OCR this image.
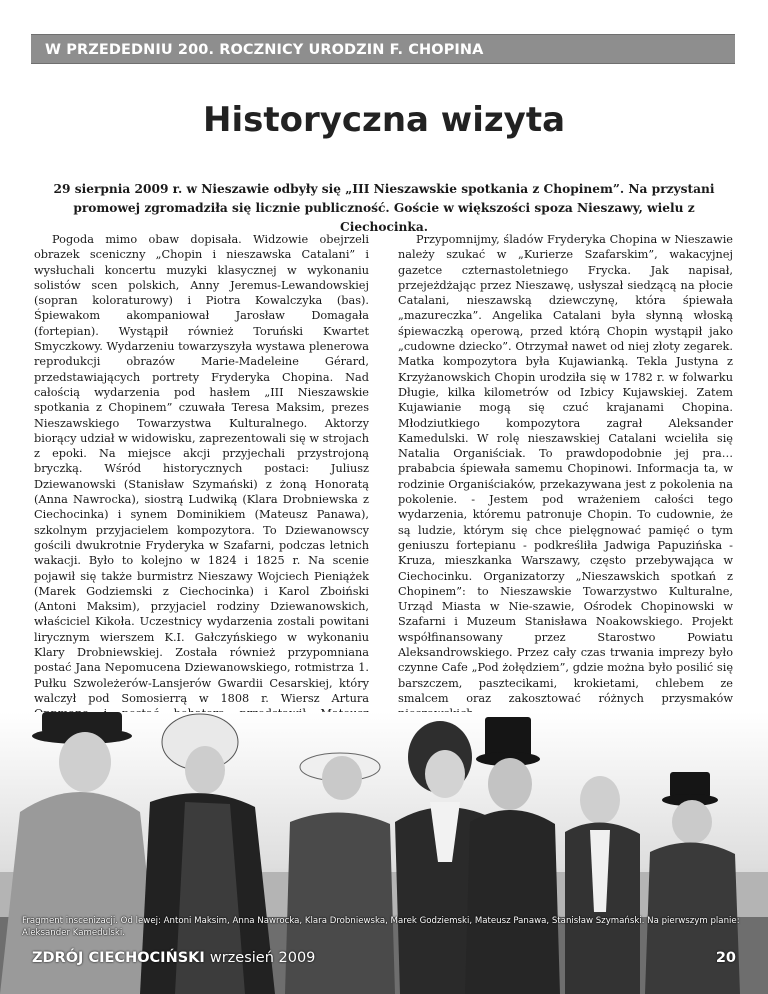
W PRZEDEDNIU 200. ROCZNICY URODZIN F. CHOPINA
Historyczna wizyta
29 sierpnia 2009 r. w Nieszawie odbyły się „III Nieszawskie spotkania z Chopinem”. Na przystani promowej zgromadziła się licznie publiczność. Goście w większości spoza Nieszawy, wielu z Ciechocinka.

Pogoda mimo obaw dopisała. Widzowie obejrzeli obrazek sceniczny „Chopin i nieszawska Catalani” i wysłuchali koncertu muzyki klasycznej w wykonaniu solistów scen polskich, Anny Jeremus-Lewandowskiej (sopran koloraturowy) i Piotra Kowalczyka (bas). Śpiewakom akompaniował Jarosław Domagała (fortepian). Wystąpił również Toruński Kwartet Smyczkowy. Wydarzeniu towarzyszyła wystawa plenerowa reprodukcji obrazów Marie-Madeleine Gérard, przedstawiających portrety Fryderyka Chopina. Nad całością wydarzenia pod hasłem „III Nieszawskie spotkania z Chopinem” czuwała Teresa Maksim, prezes Nieszawskiego Towarzystwa Kulturalnego. Aktorzy biorący udział w widowisku, zaprezentowali się w strojach z epoki. Na miejsce akcji przyjechali przystrojoną bryczką. Wśród historycznych postaci: Juliusz Dziewanowski (Stanisław Szymański) z żoną Honoratą (Anna Nawrocka), siostrą Ludwiką (Klara Drobniewska z Ciechocinka) i synem Dominikiem (Mateusz Panawa), szkolnym przyjacielem kompozytora. To Dziewanowscy gościli dwukrotnie Fryderyka w Szafarni, podczas letnich wakacji. Było to kolejno w 1824 i 1825 r. Na scenie pojawił się także burmistrz Nieszawy Wojciech Pieniążek (Marek Godziemski z Ciechocinka) i Karol Zboiński (Antoni Maksim), przyjaciel rodziny Dziewanowskich, właściciel Kikoła. Uczestnicy wydarzenia zostali powitani lirycznym wierszem K.I. Gałczyńskiego w wykonaniu Klary Drobniewskiej. Została również przypomniana postać Jana Nepomucena Dziewanowskiego, rotmistrza 1. Pułku Szwoleżerów-Lansjerów Gwardii Cesarskiej, który walczył pod Somosierrą w 1808 r. Wiersz Artura

Przypomnijmy, śladów Fryderyka Chopina w Nieszawie należy szukać w „Kurierze Szafarskim”, wakacyjnej gazetce czternastoletniego Frycka. Jak napisał, przejeżdżając przez Nieszawę, usłyszał siedzącą na płocie Catalani, nieszawską dziewczynę, która śpiewała „mazureczka”. Angelika Catalani była słynną włoską śpiewaczką operową, przed którą Chopin wystąpił jako „cudowne dziecko”. Otrzymał nawet od niej złoty zegarek. Matka kompozytora była Kujawianką. Tekla Justyna z Krzyżanowskich Chopin urodziła się w 1782 r. w folwarku Długie, kilka kilometrów od Izbicy Kujawskiej. Zatem Kujawianie mogą się czuć krajanami Chopina. Młodziutkiego kompozytora zagrał Aleksander Kamedulski. W rolę nieszawskiej Catalani wcieliła się Natalia Organiściak. To prawdopodobnie jej pra…prababcia śpiewała samemu Chopinowi. Informacja ta, w rodzinie Organiściaków, przekazywana jest z pokolenia na pokolenie. - Jestem pod wrażeniem całości tego wydarzenia, któremu patronuje Chopin. To cudownie, że są ludzie, którym się chce pielęgnować pamięć o tym geniuszu fortepianu - podkreśliła Jadwiga Papuzińska - Kruza, mieszkanka Warszawy, często przebywająca w Ciechocinku. Organizatorzy „Nieszawskich spotkań z Chopinem”: to Nieszawskie Towarzystwo Kulturalne, Urząd Miasta w Nie-szawie, Ośrodek Chopinowski w Szafarni i Muzeum Stanisława Noakowskiego. Projekt współfinansowany przez Starostwo Powiatu Aleksandrowskiego. Przez cały czas trwania imprezy było czynne Cafe „Pod żołędziem”, gdzie można było posilić się barszczem, pasztecikami, krokietami, chlebem ze smalcem oraz zakosztować różnych przysmaków

Fragment inscenizacji. Od lewej: Antoni Maksim, Anna Nawrocka, Klara Drobniewska, Marek Godziemski, Mateusz Panawa, Stanisław Szymański. Na pierwszym planie: Aleksander Kamedulski.
ZDRÓJ CIECHOCIŃSKI wrzesień 2009	20
